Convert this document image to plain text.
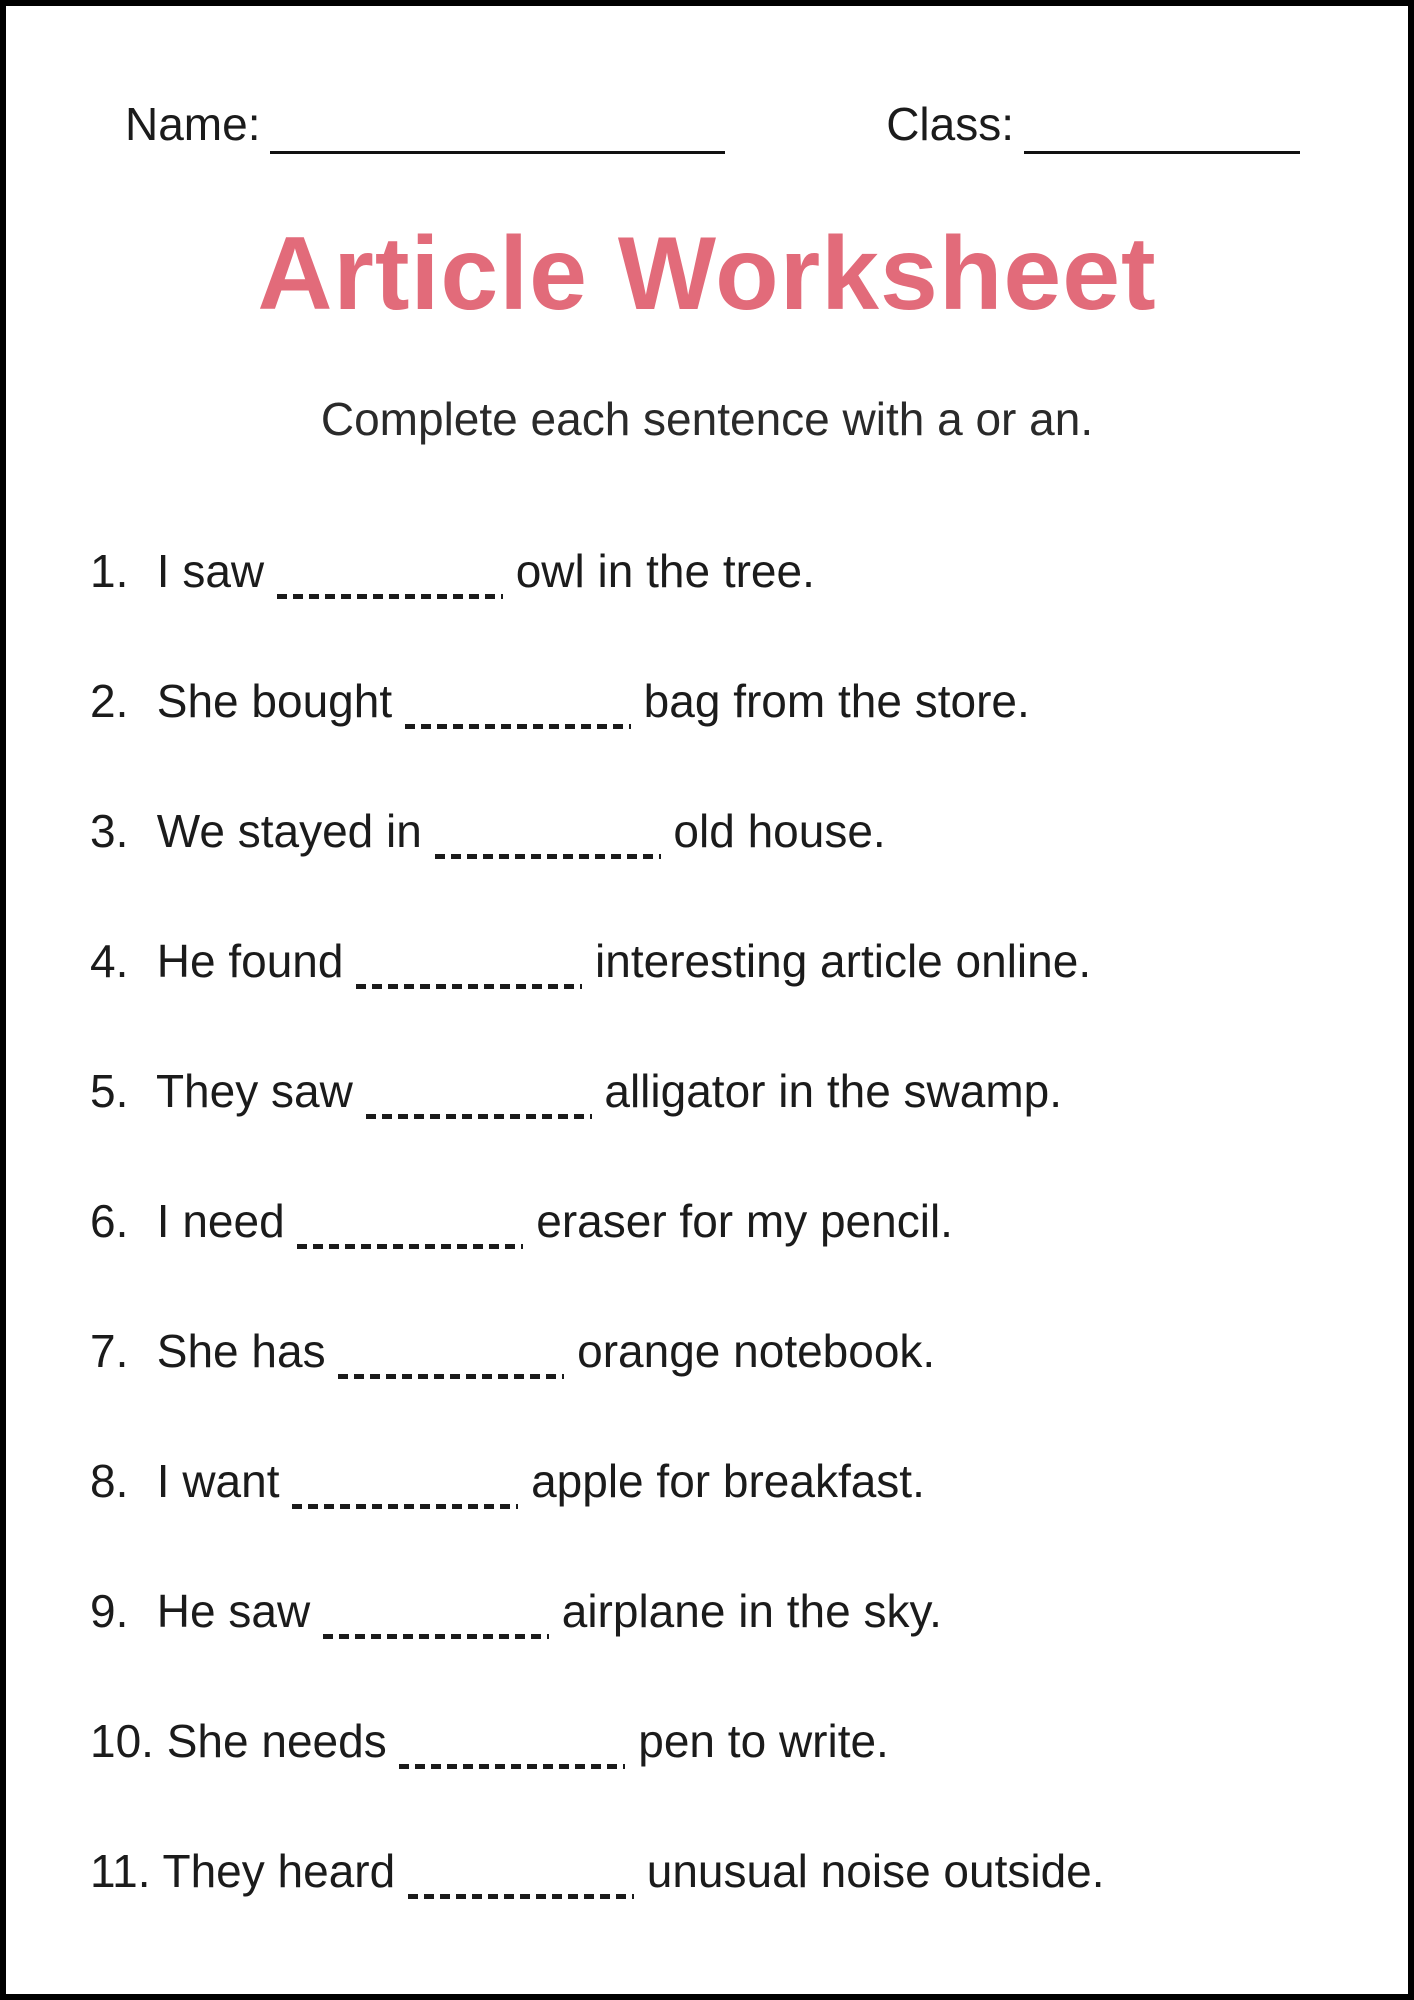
Name:	Class:
Article Worksheet
Complete each sentence with a or an.
1. I saw	owl in the tree.
2. She bought	bag from the store.
3. We stayed in	old house.
4. He found	interesting article online.
5. They saw	alligator in the swamp.
6. I need	eraser for my pencil.
7. She has	orange notebook.
8. I want	apple for breakfast.
9. He saw	airplane in the sky.
10. She needs	pen to write.
11. They heard	unusual noise outside.
